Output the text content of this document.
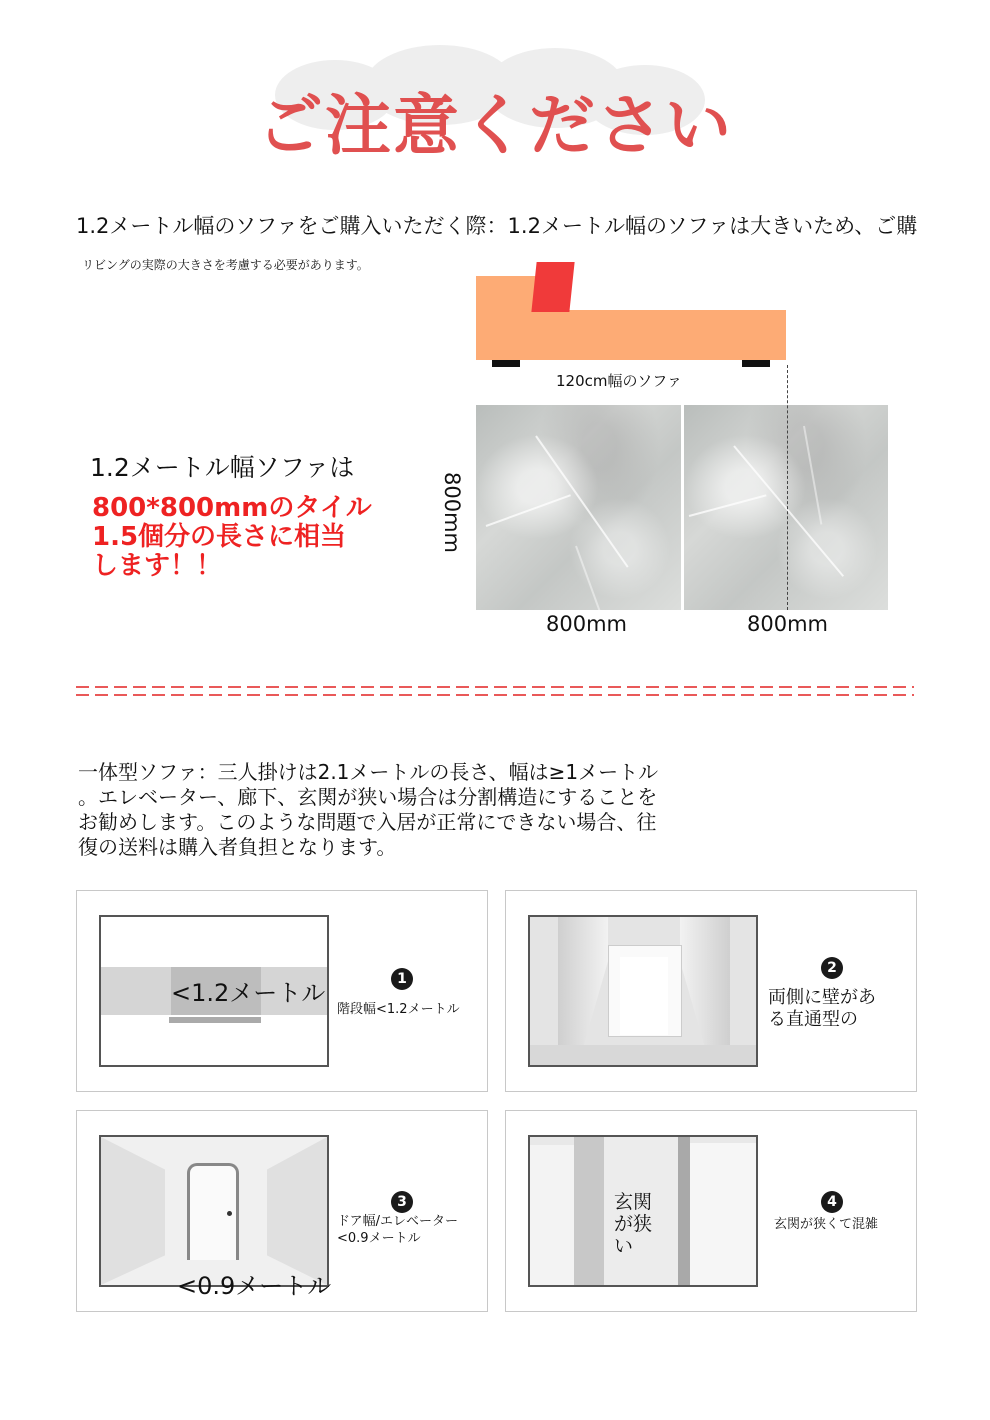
ご注意ください
1.2メートル幅のソファをご購入いただく際：1.2メートル幅のソファは大きいため、ご購
リビングの実際の大きさを考慮する必要があります。
120cm幅のソファ
800mm
800mm	800mm
1.2メートル幅ソファは
800*800mmのタイル
1.5個分の長さに相当
します！！
一体型ソファ：三人掛けは2.1メートルの長さ、幅は≥1メートル
。エレベーター、廊下、玄関が狭い場合は分割構造にすることを
お勧めします。このような問題で入居が正常にできない場合、往
復の送料は購入者負担となります。
<1.2メートル	1
階段幅<1.2メートル
2
両側に壁があ
る直通型の
<0.9メートル
3
ドア幅/エレベーター
<0.9メートル
玄関
が狭
い
4
玄関が狭くて混雑
